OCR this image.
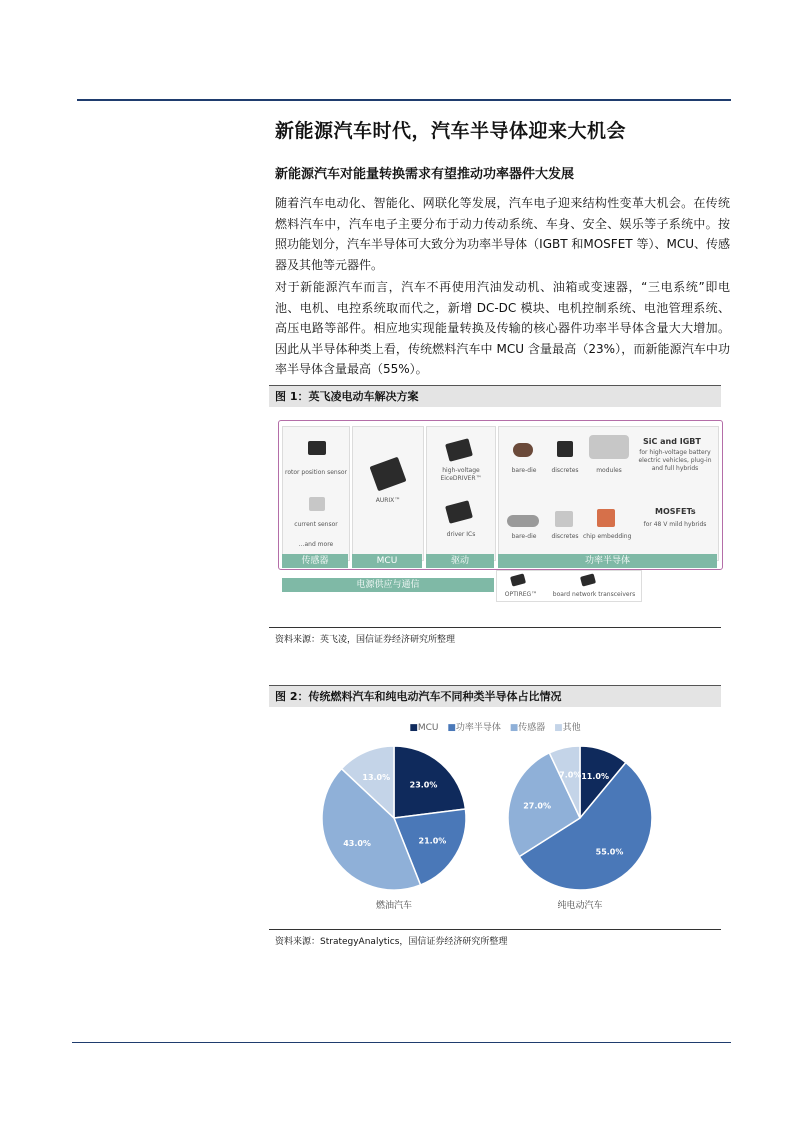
新能源汽车时代，汽车半导体迎来大机会
新能源汽车对能量转换需求有望推动功率器件大发展
随着汽车电动化、智能化、网联化等发展，汽车电子迎来结构性变革大机会。在传统燃料汽车中，汽车电子主要分布于动力传动系统、车身、安全、娱乐等子系统中。按照功能划分，汽车半导体可大致分为功率半导体（IGBT 和MOSFET 等）、MCU、传感器及其他等元器件。
对于新能源汽车而言，汽车不再使用汽油发动机、油箱或变速器，“三电系统”即电池、电机、电控系统取而代之，新增 DC-DC 模块、电机控制系统、电池管理系统、高压电路等部件。相应地实现能量转换及传输的核心器件功率半导体含量大大增加。因此从半导体种类上看，传统燃料汽车中 MCU 含量最高（23%），而新能源汽车中功率半导体含量最高（55%）。
图 1：英飞凌电动车解决方案
rotor position sensor
current sensor
...and more
AURIX™
high-voltage
EiceDRIVER™
driver ICs
bare-die	discretes	modules
SiC and IGBT
for high-voltage battery
electric vehicles, plug-in
and full hybrids
bare-die	discretes chip embedding
MOSFETs
for 48 V mild hybrids
传感器	MCU	驱动	功率半导体
电源供应与通信
OPTIREG™	board network transceivers
资料来源：英飞凌，国信证券经济研究所整理
图 2：传统燃料汽车和纯电动汽车不同种类半导体占比情况
■MCU ■功率半导体 ■传感器 ■其他
23.0%
21.0%
43.0%
13.0%	11.0%
55.0%
27.0%
7.0%
燃油汽车	纯电动汽车
资料来源：StrategyAnalytics，国信证券经济研究所整理
